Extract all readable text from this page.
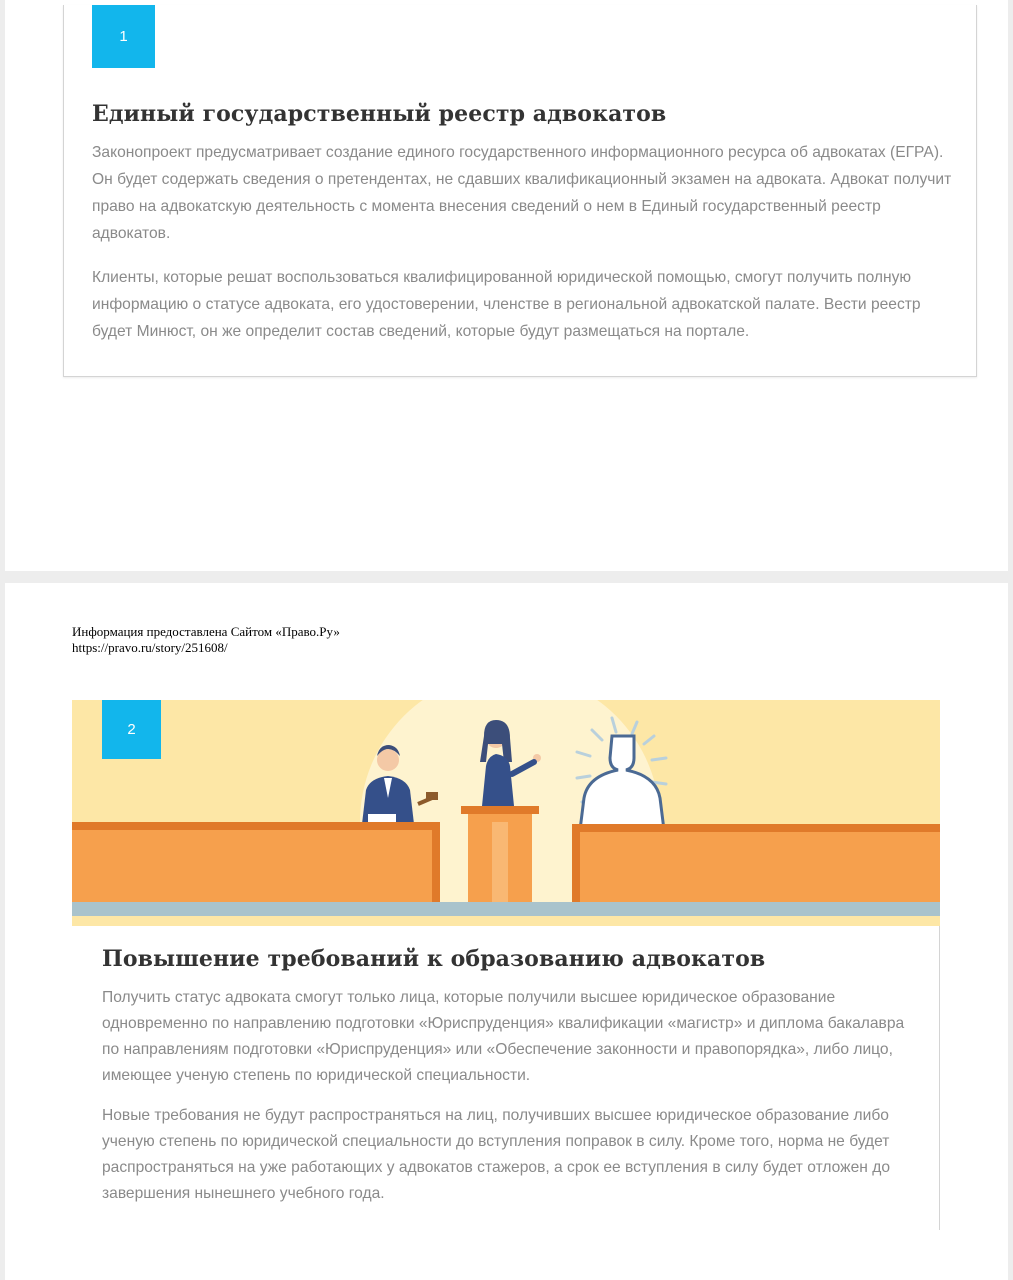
1
Единый государственный реестр адвокатов

Законопроект предусматривает создание единого государственного информационного ресурса об адвокатах (ЕГРА). Он будет содержать сведения о претендентах, не сдавших квалификационный экзамен на адвоката. Адвокат получит право на адвокатскую деятельность с момента внесения сведений о нем в Единый государственный реестр адвокатов.

Клиенты, которые решат воспользоваться квалифицированной юридической помощью, смогут получить полную информацию о статусе адвоката, его удостоверении, членстве в региональной адвокатской палате. Вести реестр будет Минюст, он же определит состав сведений, которые будут размещаться на портале.

Информация предоставлена Сайтом «Право.Ру»
https://pravo.ru/story/251608/
2
Повышение требований к образованию адвокатов

Получить статус адвоката смогут только лица, которые получили высшее юридическое образование одновременно по направлению подготовки «Юриспруденция» квалификации «магистр» и диплома бакалавра по направлениям подготовки «Юриспруденция» или «Обеспечение законности и правопорядка», либо лицо, имеющее ученую степень по юридической специальности.

Новые требования не будут распространяться на лиц, получивших высшее юридическое образование либо ученую степень по юридической специальности до вступления поправок в силу. Кроме того, норма не будет распространяться на уже работающих у адвокатов стажеров, а срок ее вступления в силу будет отложен до завершения нынешнего учебного года.
